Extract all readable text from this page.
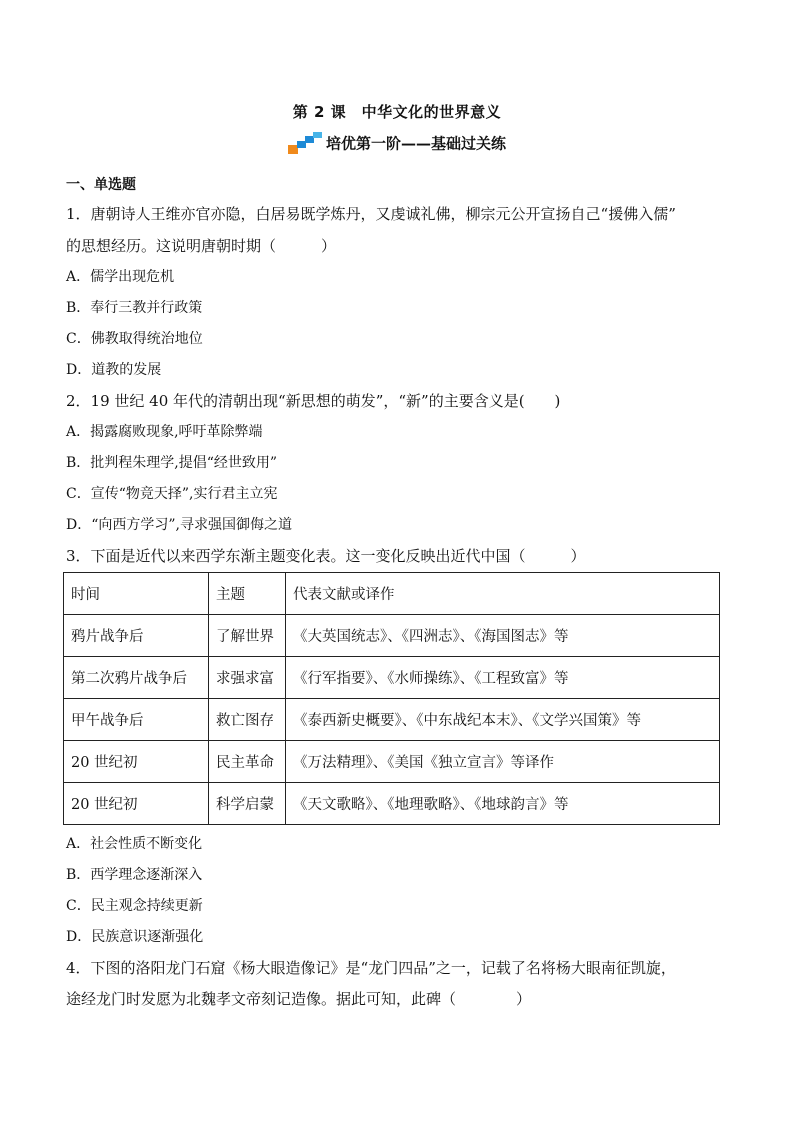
第 2 课　中华文化的世界意义
培优第一阶——基础过关练
一、单选题
1．唐朝诗人王维亦官亦隐，白居易既学炼丹，又虔诚礼佛，柳宗元公开宣扬自己“援佛入儒”
的思想经历。这说明唐朝时期（　　　）
A．儒学出现危机
B．奉行三教并行政策
C．佛教取得统治地位
D．道教的发展
2．19 世纪 40 年代的清朝出现“新思想的萌发”，“新”的主要含义是(　　)
A．揭露腐败现象,呼吁革除弊端
B．批判程朱理学,提倡“经世致用”
C．宣传“物竞天择”,实行君主立宪
D．“向西方学习”,寻求强国御侮之道
3．下面是近代以来西学东渐主题变化表。这一变化反映出近代中国（　　　）
时间	主题	代表文献或译作
鸦片战争后	了解世界	《大英国统志》、《四洲志》、《海国图志》等
第二次鸦片战争后	求强求富	《行军指要》、《水师操练》、《工程致富》等
甲午战争后	救亡图存	《泰西新史概要》、《中东战纪本末》、《文学兴国策》等
20 世纪初	民主革命	《万法精理》、《美国《独立宣言》等译作
20 世纪初	科学启蒙	《天文歌略》、《地理歌略》、《地球韵言》等
A．社会性质不断变化
B．西学理念逐渐深入
C．民主观念持续更新
D．民族意识逐渐强化
4．下图的洛阳龙门石窟《杨大眼造像记》是“龙门四品”之一，记载了名将杨大眼南征凯旋，
途经龙门时发愿为北魏孝文帝刻记造像。据此可知，此碑（　　　　）
